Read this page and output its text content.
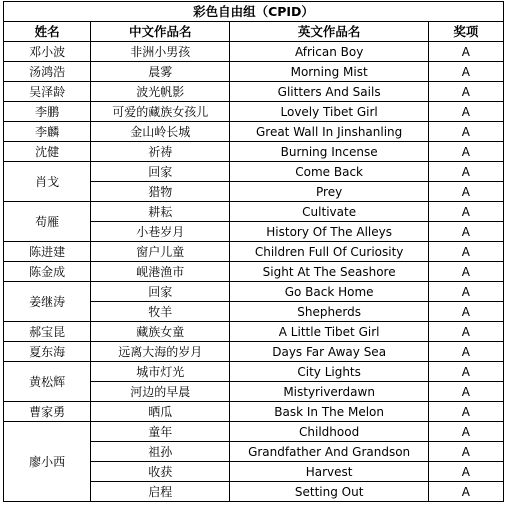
彩色自由组（CPID）			
姓名	中文作品名	英文作品名	奖项
邓小波	非洲小男孩	African Boy	A
汤鸿浩	晨雾	Morning Mist	A
吴泽龄	波光帆影	Glitters And Sails	A
李鹏	可爱的藏族女孩儿	Lovely Tibet Girl	A
李麟	金山岭长城	Great Wall In Jinshanling	A
沈健	祈祷	Burning Incense	A
肖戈	回家	Come Back	A
	猎物	Prey	A
苟雁	耕耘	Cultivate	A
	小巷岁月	History Of The Alleys	A
陈进建	窗户儿童	Children Full Of Curiosity	A
陈金成	岘港渔市	Sight At The Seashore	A
姜继涛	回家	Go Back Home	A
	牧羊	Shepherds	A
郝宝昆	藏族女童	A Little Tibet Girl	A
夏东海	远离大海的岁月	Days Far Away Sea	A
黄松辉	城市灯光	City Lights	A
	河边的早晨	Mistyriverdawn	A
曹家勇	晒瓜	Bask In The Melon	A
廖小西	童年	Childhood	A
	祖孙	Grandfather And Grandson	A
	收获	Harvest	A
	启程	Setting Out	A
